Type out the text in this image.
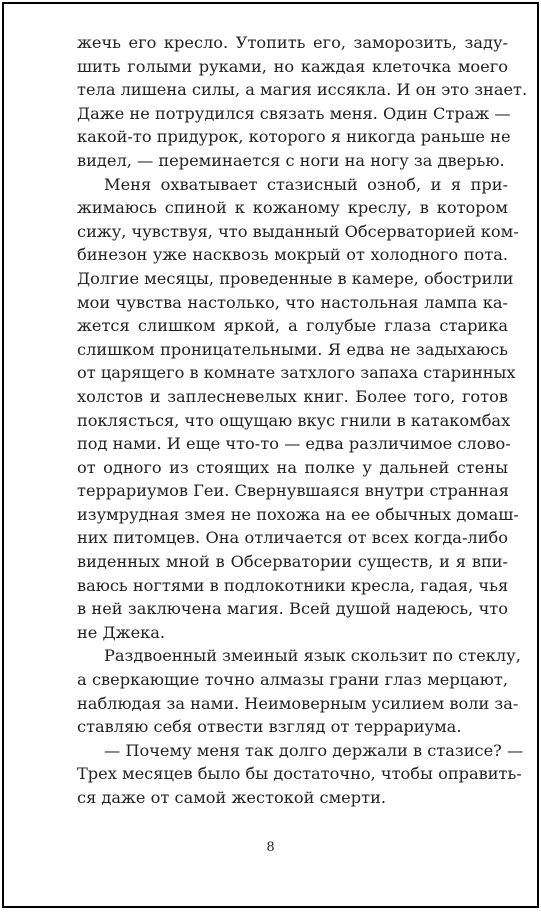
жечь его кресло. Утопить его, заморозить, заду-
шить голыми руками, но каждая клеточка моего
тела лишена силы, а магия иссякла. И он это знает.
Даже не потрудился связать меня. Один Страж —
какой-то придурок, которого я никогда раньше не
видел, — переминается с ноги на ногу за дверью.
Меня охватывает стазисный озноб, и я при-
жимаюсь спиной к кожаному креслу, в котором
сижу, чувствуя, что выданный Обсерваторией ком-
бинезон уже насквозь мокрый от холодного пота.
Долгие месяцы, проведенные в камере, обострили
мои чувства настолько, что настольная лампа ка-
жется слишком яркой, а голубые глаза старика
слишком проницательными. Я едва не задыхаюсь
от царящего в комнате затхлого запаха старинных
холстов и заплесневелых книг. Более того, готов
поклясться, что ощущаю вкус гнили в катакомбах
под нами. И еще что-то — едва различимое слово-
от одного из стоящих на полке у дальней стены
террариумов Геи. Свернувшаяся внутри странная
изумрудная змея не похожа на ее обычных домаш-
них питомцев. Она отличается от всех когда-либо
виденных мной в Обсерватории существ, и я впи-
ваюсь ногтями в подлокотники кресла, гадая, чья
в ней заключена магия. Всей душой надеюсь, что
не Джека.
Раздвоенный змеиный язык скользит по стеклу,
а сверкающие точно алмазы грани глаз мерцают,
наблюдая за нами. Неимоверным усилием воли за-
ставляю себя отвести взгляд от террариума.
— Почему меня так долго держали в стазисе? —
Трех месяцев было бы достаточно, чтобы оправить-
ся даже от самой жестокой смерти.
8
